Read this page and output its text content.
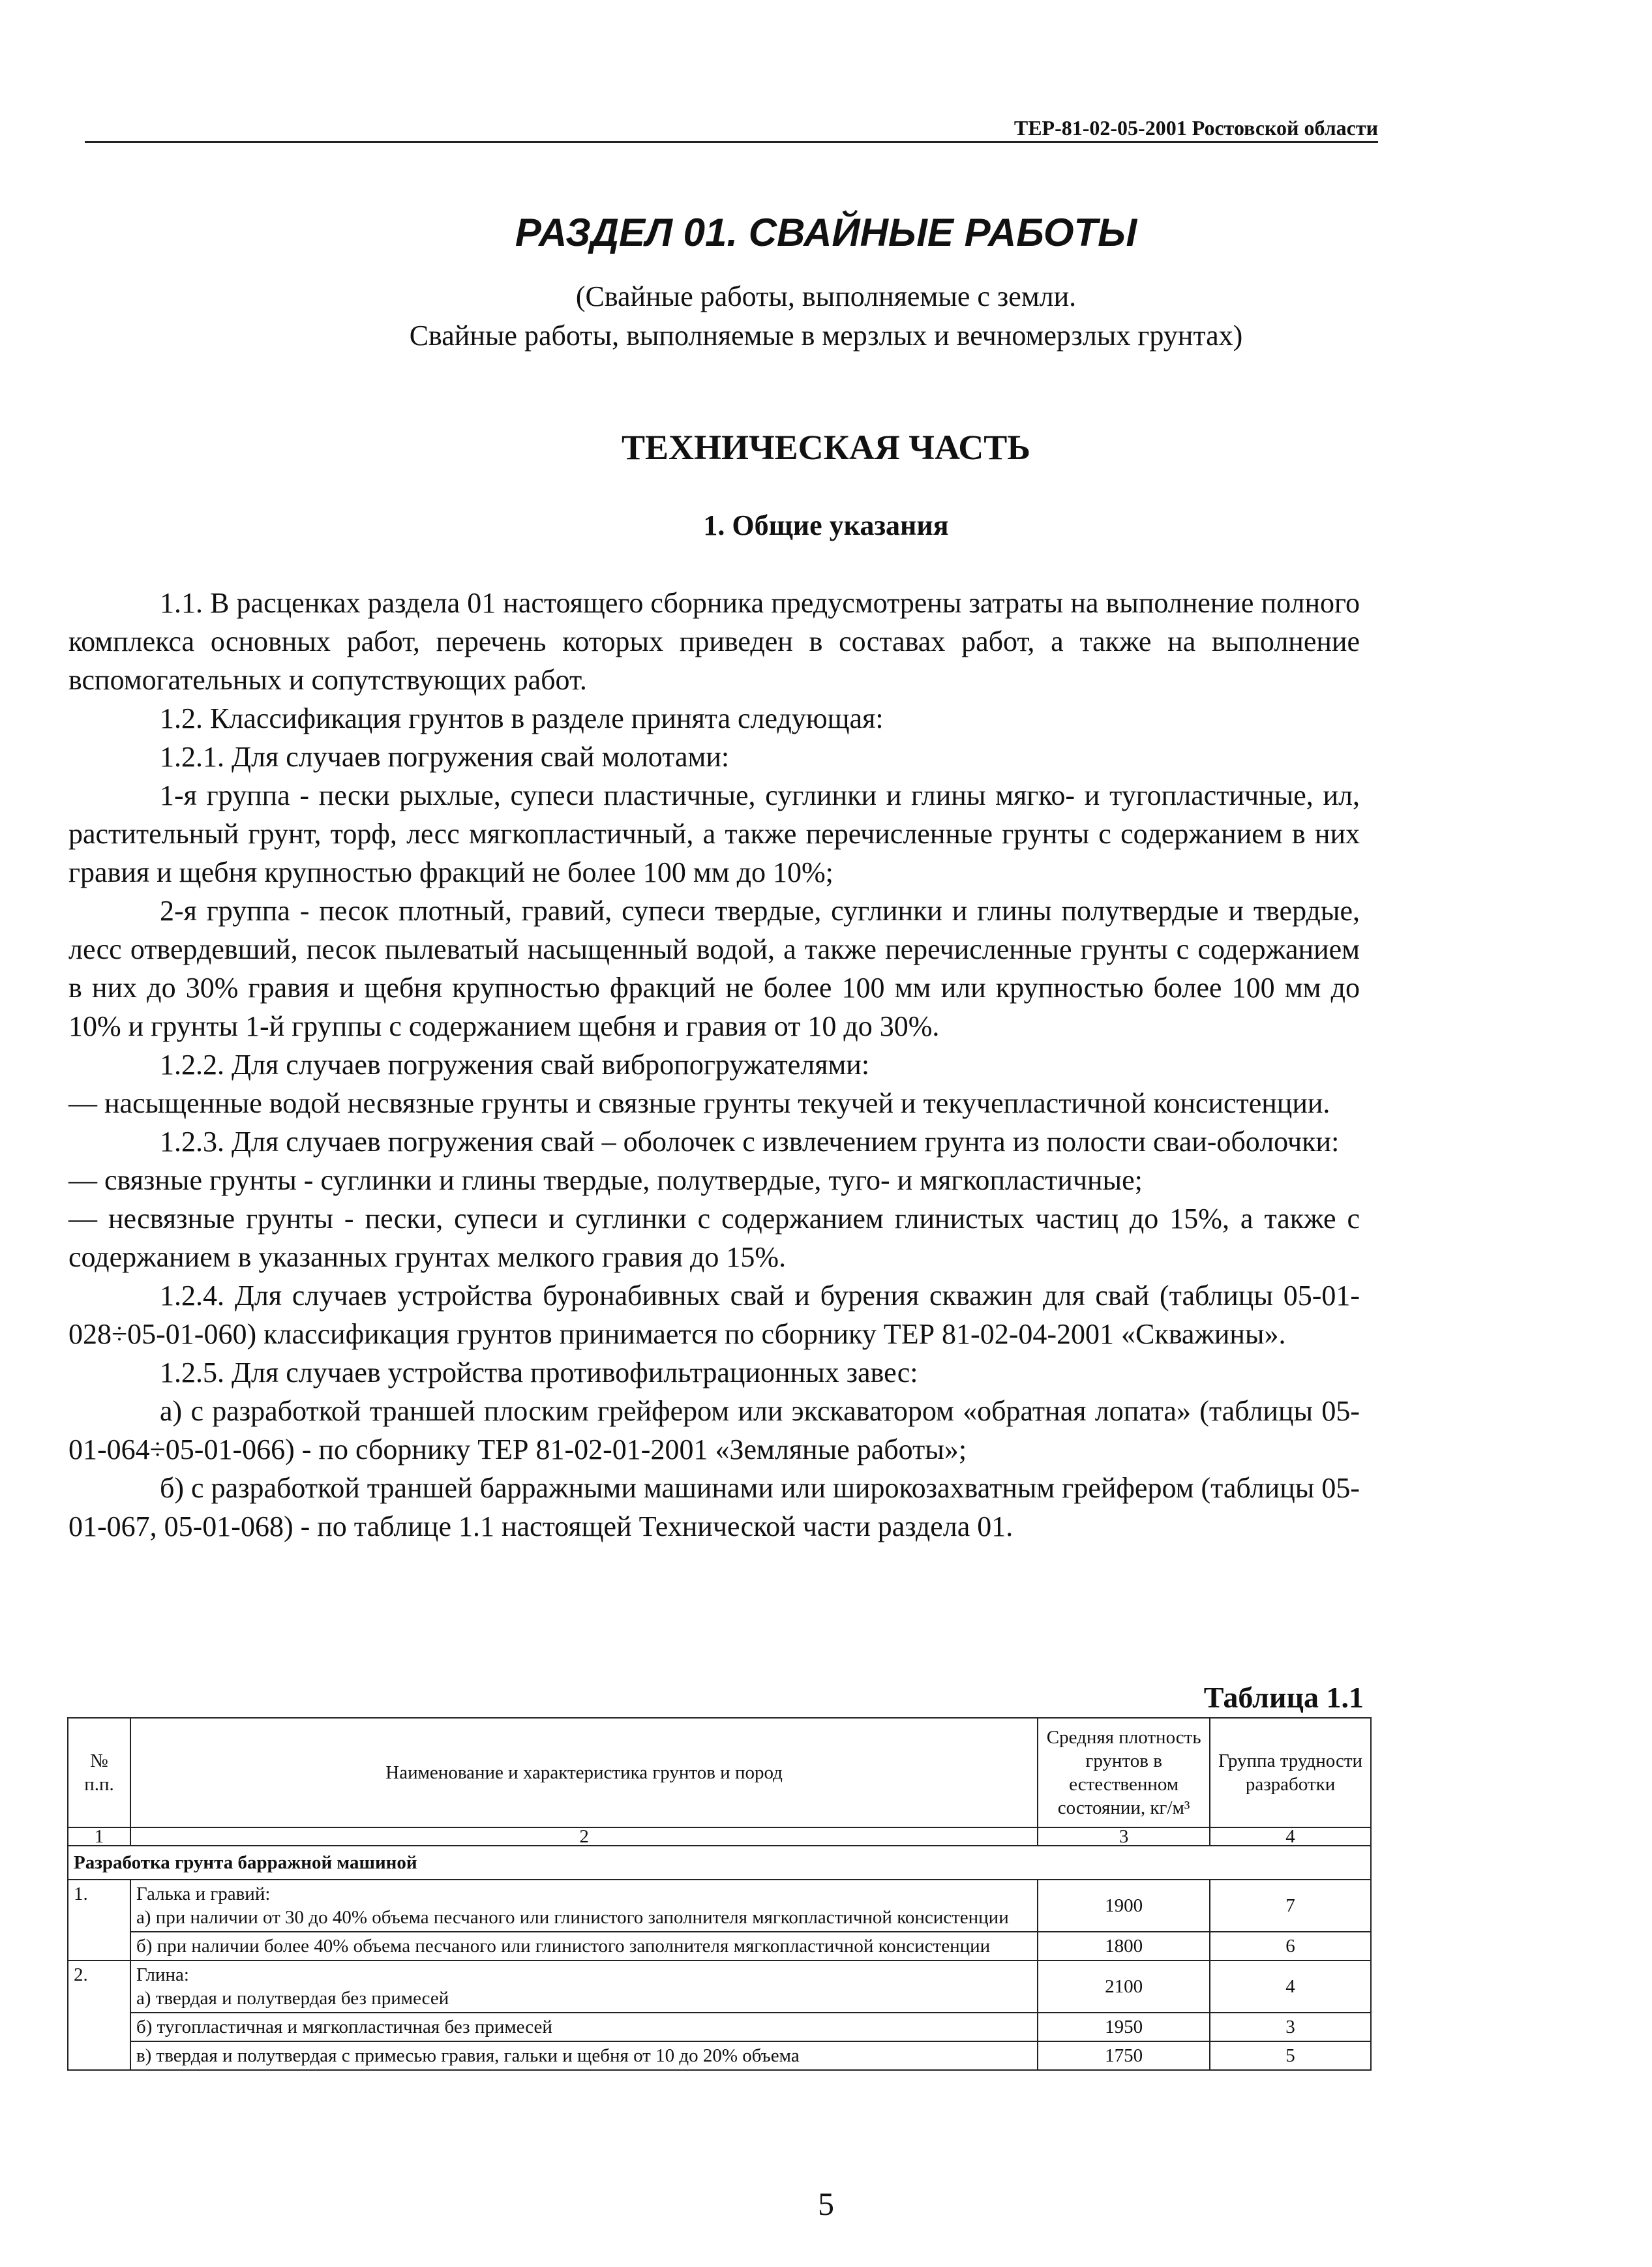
ТЕР-81-02-05-2001 Ростовской области
РАЗДЕЛ 01. СВАЙНЫЕ РАБОТЫ
(Свайные работы, выполняемые с земли.
Свайные работы, выполняемые в мерзлых и вечномерзлых грунтах)
ТЕХНИЧЕСКАЯ ЧАСТЬ
1. Общие указания

1.1. В расценках раздела 01 настоящего сборника предусмотрены затраты на выполнение полного комплекса основных работ, перечень которых приведен в составах работ, а также на выполнение вспомогательных и сопутствующих работ.

1.2. Классификация грунтов в разделе принята следующая:

1.2.1. Для случаев погружения свай молотами:

1-я группа - пески рыхлые, супеси пластичные, суглинки и глины мягко- и тугопластичные, ил, растительный грунт, торф, лесс мягкопластичный, а также перечисленные грунты с содержанием в них гравия и щебня крупностью фракций не более 100 мм до 10%;

2-я группа - песок плотный, гравий, супеси твердые, суглинки и глины полутвердые и твердые, лесс отвердевший, песок пылеватый насыщенный водой, а также перечисленные грунты с содержанием в них до 30% гравия и щебня крупностью фракций не более 100 мм или крупностью более 100 мм до 10% и грунты 1-й группы с содержанием щебня и гравия от 10 до 30%.

1.2.2. Для случаев погружения свай вибропогружателями:

— насыщенные водой несвязные грунты и связные грунты текучей и текучепластичной консистенции.

1.2.3. Для случаев погружения свай – оболочек с извлечением грунта из полости сваи-оболочки:

— связные грунты - суглинки и глины твердые, полутвердые, туго- и мягкопластичные;

— несвязные грунты - пески, супеси и суглинки с содержанием глинистых частиц до 15%, а также с содержанием в указанных грунтах мелкого гравия до 15%.

1.2.4. Для случаев устройства буронабивных свай и бурения скважин для свай (таблицы 05-01-028÷05-01-060) классификация грунтов принимается по сборнику ТЕР 81-02-04-2001 «Скважины».

1.2.5. Для случаев устройства противофильтрационных завес:

а) с разработкой траншей плоским грейфером или экскаватором «обратная лопата» (таблицы 05-01-064÷05-01-066) - по сборнику ТЕР 81-02-01-2001 «Земляные работы»;

б) с разработкой траншей барражными машинами или широкозахватным грейфером (таблицы 05-01-067, 05-01-068) - по таблице 1.1 настоящей Технической части раздела 01.

Таблица 1.1
№ п.п.	Наименование и характеристика грунтов и пород	Средняя плотность грунтов в естественном состоянии, кг/м³	Группа трудности разработки
1	2	3	4
Разработка грунта барражной машиной			
1.	Галька и гравий:
а) при наличии от 30 до 40% объема песчаного или глинистого заполнителя мягкопластичной консистенции	1900	7
	б) при наличии более 40% объема песчаного или глинистого заполнителя мягкопластичной консистенции	1800	6
2.	Глина:
а) твердая и полутвердая без примесей	2100	4
	б) тугопластичная и мягкопластичная без примесей	1950	3
	в) твердая и полутвердая с примесью гравия, гальки и щебня от 10 до 20% объема	1750	5
5
